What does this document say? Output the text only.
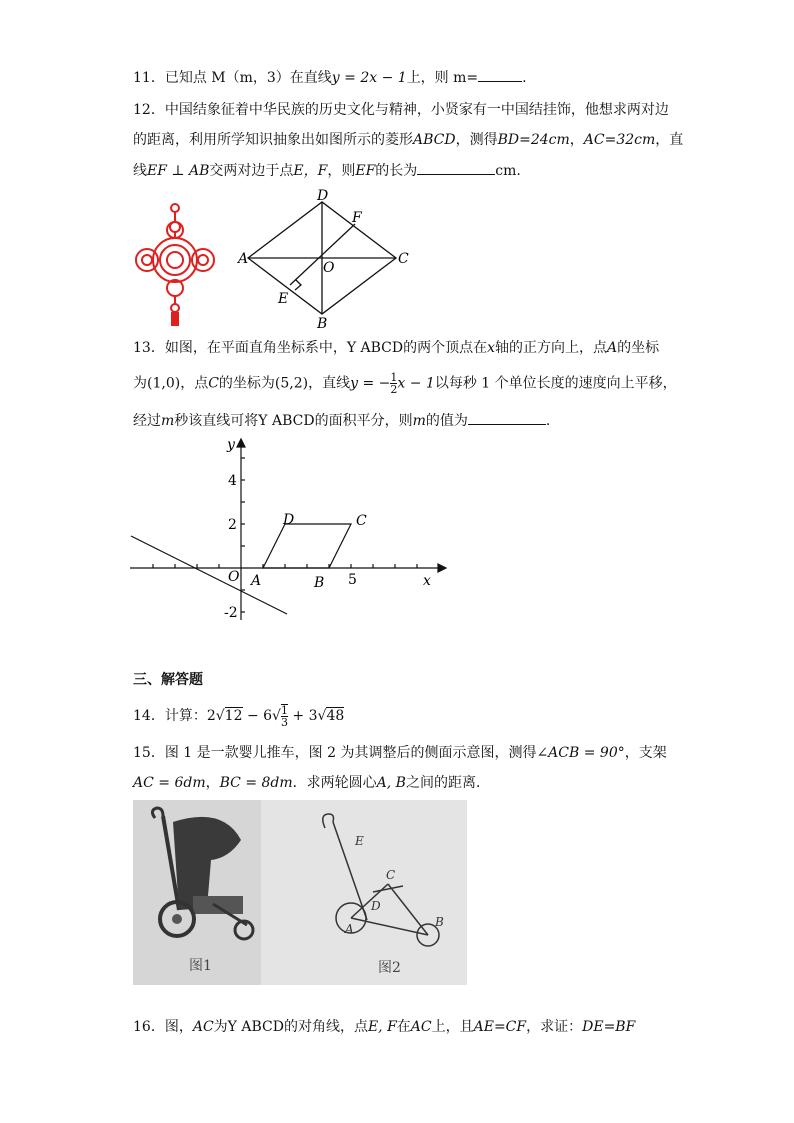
11．已知点 M（m，3）在直线y = 2x − 1上，则 m=	.
12．中国结象征着中华民族的历史文化与精神，小贤家有一中国结挂饰，他想求两对边
的距离，利用所学知识抽象出如图所示的菱形ABCD，测得BD=24cm，AC=32cm，直
线EF ⊥ AB交两对边于点E，F，则EF的长为	cm.
A
D
C
B
F
E
O
13．如图，在平面直角坐标系中，Y ABCD的两个顶点在x轴的正方向上，点A的坐标
为(1,0)，点C的坐标为(5,2)，直线y = − $\frac{1}{2}$ x − 1以每秒 1 个单位长度的速度向上平移，
经过m秒该直线可将Y ABCD的面积平分，则m的值为	.
y
x
O
4
2
-2
5
A	B
C
D
三、解答题
14．计算：$2√12 - 6√ \frac{1}{3} + 3√48$
15．图 1 是一款婴儿推车，图 2 为其调整后的侧面示意图，测得∠ACB = 90°，支架
AC = 6dm，BC = 8dm．求两轮圆心A, B之间的距离．
图1
E
C
D
A	B
图2
16．图，AC为Y ABCD的对角线，点E, F在AC上，且AE=CF，求证：DE=BF
